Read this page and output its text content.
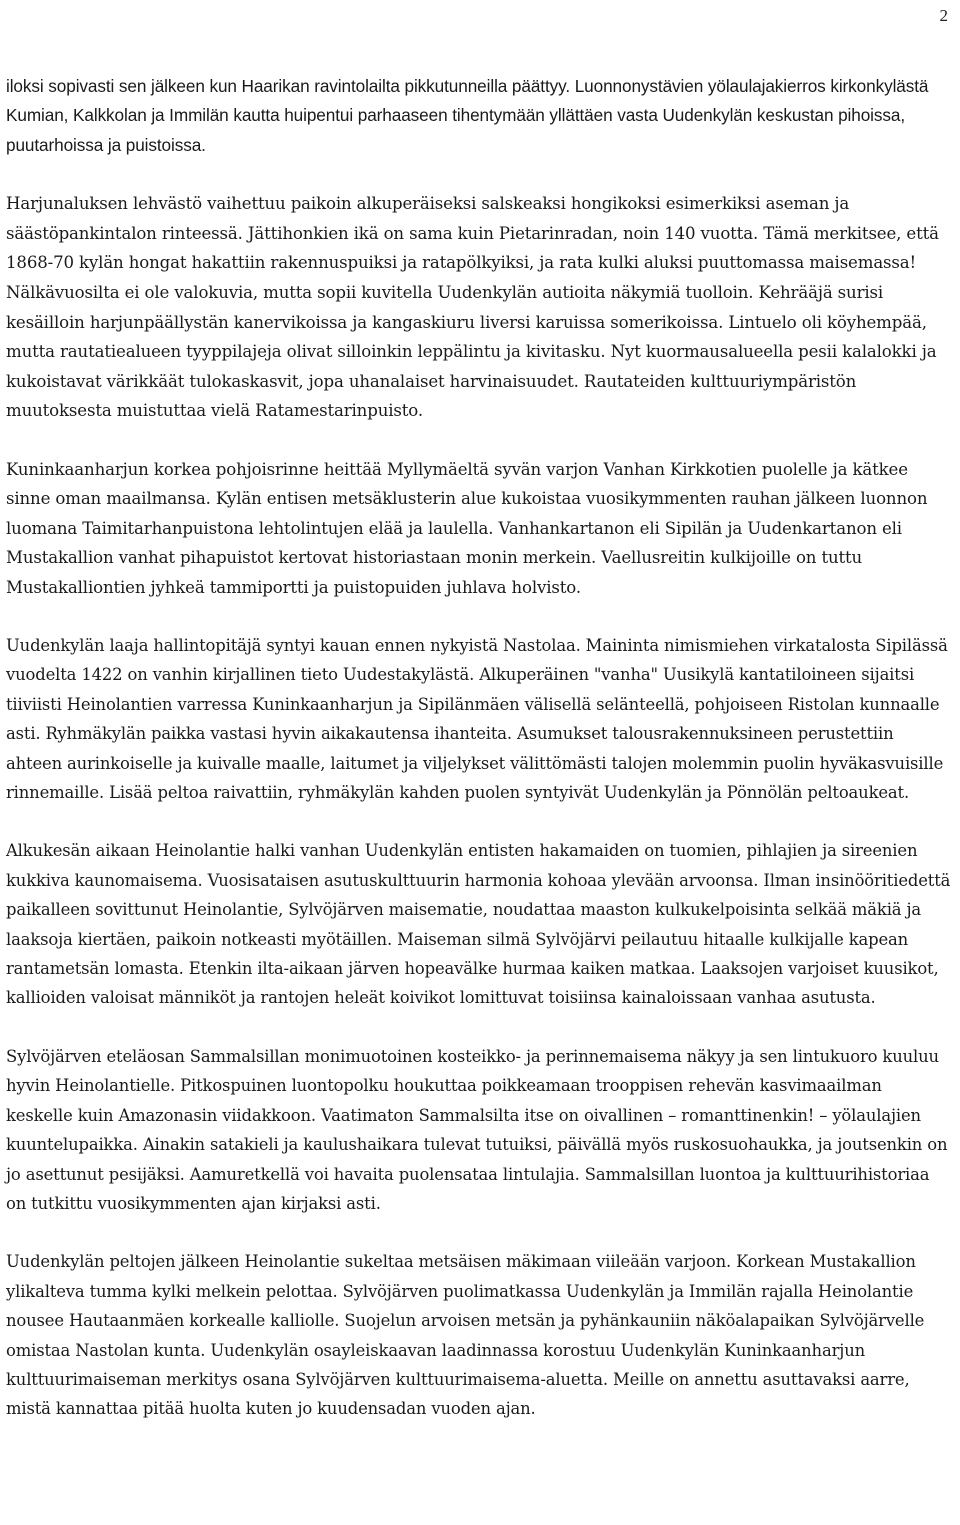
2

iloksi sopivasti sen jälkeen kun Haarikan ravintolailta pikkutunneilla päättyy. Luonnonystävien yölaulajakierros kirkonkylästä Kumian, Kalkkolan ja Immilän kautta huipentui parhaaseen tihentymään yllättäen vasta Uudenkylän keskustan pihoissa, puutarhoissa ja puistoissa.

Harjunaluksen lehvästö vaihettuu paikoin alkuperäiseksi salskeaksi hongikoksi esimerkiksi aseman ja säästöpankintalon rinteessä. Jättihonkien ikä on sama kuin Pietarinradan, noin 140 vuotta. Tämä merkitsee, että 1868-70 kylän hongat hakattiin rakennuspuiksi ja ratapölkyiksi, ja rata kulki aluksi puuttomassa maisemassa! Nälkävuosilta ei ole valokuvia, mutta sopii kuvitella Uudenkylän autioita näkymiä tuolloin. Kehrääjä surisi kesäilloin harjunpäällystän kanervikoissa ja kangaskiuru liversi karuissa somerikoissa. Lintuelo oli köyhempää, mutta rautatiealueen tyyppilajeja olivat silloinkin leppälintu ja kivitasku. Nyt kuormausalueella pesii kalalokki ja kukoistavat värikkäät tulokaskasvit, jopa uhanalaiset harvinaisuudet. Rautateiden kulttuuriympäristön muutoksesta muistuttaa vielä Ratamestarinpuisto.

Kuninkaanharjun korkea pohjoisrinne heittää Myllymäeltä syvän varjon Vanhan Kirkkotien puolelle ja kätkee sinne oman maailmansa. Kylän entisen metsäklusterin alue kukoistaa vuosikymmenten rauhan jälkeen luonnon luomana Taimitarhanpuistona lehtolintujen elää ja laulella. Vanhankartanon eli Sipilän ja Uudenkartanon eli Mustakallion vanhat pihapuistot kertovat historiastaan monin merkein. Vaellusreitin kulkijoille on tuttu Mustakalliontien jyhkeä tammiportti ja puistopuiden juhlava holvisto.

Uudenkylän laaja hallintopitäjä syntyi kauan ennen nykyistä Nastolaa. Maininta nimismiehen virkatalosta Sipilässä vuodelta 1422 on vanhin kirjallinen tieto Uudestakylästä. Alkuperäinen "vanha" Uusikylä kantatiloineen sijaitsi tiiviisti Heinolantien varressa Kuninkaanharjun ja Sipilänmäen välisellä selänteellä, pohjoiseen Ristolan kunnaalle asti. Ryhmäkylän paikka vastasi hyvin aikakautensa ihanteita. Asumukset talousrakennuksineen perustettiin ahteen aurinkoiselle ja kuivalle maalle, laitumet ja viljelykset välittömästi talojen molemmin puolin hyväkasvuisille rinnemaille. Lisää peltoa raivattiin, ryhmäkylän kahden puolen syntyivät Uudenkylän ja Pönnölän peltoaukeat.

Alkukesän aikaan Heinolantie halki vanhan Uudenkylän entisten hakamaiden on tuomien, pihlajien ja sireenien kukkiva kaunomaisema. Vuosisataisen asutuskulttuurin harmonia kohoaa ylevään arvoonsa. Ilman insinööritiedettä paikalleen sovittunut Heinolantie, Sylvöjärven maisematie, noudattaa maaston kulkukelpoisinta selkää mäkiä ja laaksoja kiertäen, paikoin notkeasti myötäillen. Maiseman silmä Sylvöjärvi peilautuu hitaalle kulkijalle kapean rantametsän lomasta. Etenkin ilta-aikaan järven hopeavälke hurmaa kaiken matkaa. Laaksojen varjoiset kuusikot, kallioiden valoisat männiköt ja rantojen heleät koivikot lomittuvat toisiinsa kainaloissaan vanhaa asutusta.

Sylvöjärven eteläosan Sammalsillan monimuotoinen kosteikko- ja perinnemaisema näkyy ja sen lintukuoro kuuluu hyvin Heinolantielle. Pitkospuinen luontopolku houkuttaa poikkeamaan trooppisen rehevän kasvimaailman keskelle kuin Amazonasin viidakkoon. Vaatimaton Sammalsilta itse on oivallinen – romanttinenkin! – yölaulajien kuuntelupaikka. Ainakin satakieli ja kaulushaikara tulevat tutuiksi, päivällä myös ruskosuohaukka, ja joutsenkin on jo asettunut pesijäksi. Aamuretkellä voi havaita puolensataa lintulajia. Sammalsillan luontoa ja kulttuurihistoriaa on tutkittu vuosikymmenten ajan kirjaksi asti.

Uudenkylän peltojen jälkeen Heinolantie sukeltaa metsäisen mäkimaan viileään varjoon. Korkean Mustakallion ylikalteva tumma kylki melkein pelottaa. Sylvöjärven puolimatkassa Uudenkylän ja Immilän rajalla Heinolantie nousee Hautaanmäen korkealle kalliolle. Suojelun arvoisen metsän ja pyhänkauniin näköalapaikan Sylvöjärvelle omistaa Nastolan kunta. Uudenkylän osayleiskaavan laadinnassa korostuu Uudenkylän Kuninkaanharjun kulttuurimaiseman merkitys osana Sylvöjärven kulttuurimaisema-aluetta. Meille on annettu asuttavaksi aarre, mistä kannattaa pitää huolta kuten jo kuudensadan vuoden ajan.
